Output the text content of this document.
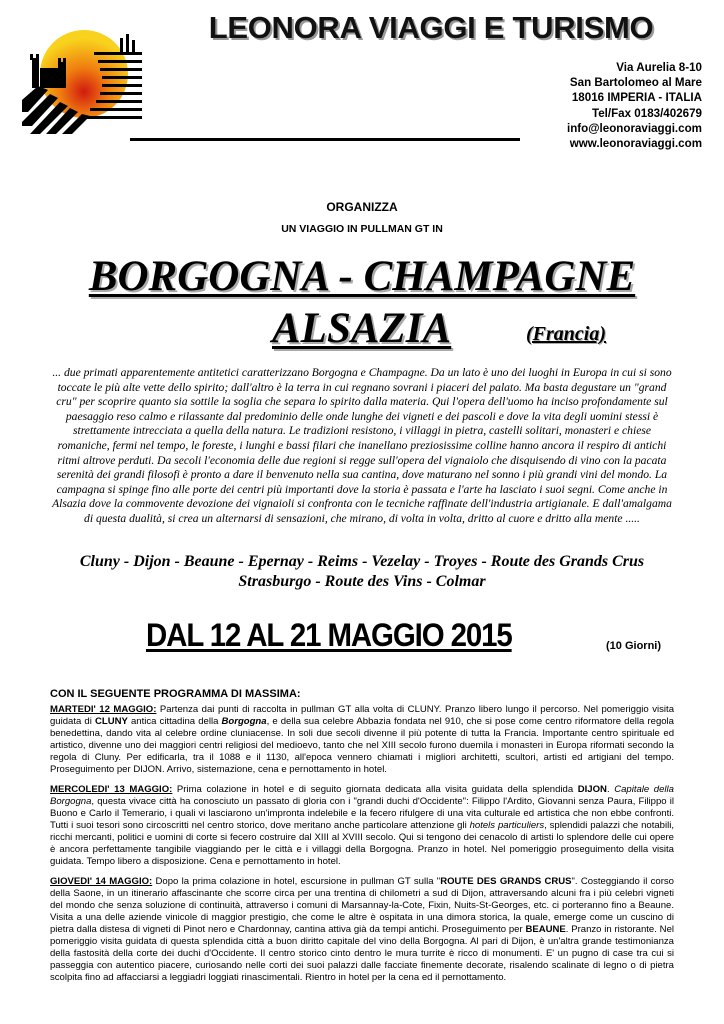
LEONORA VIAGGI E TURISMO
Via Aurelia 8-10
San Bartolomeo al Mare
18016 IMPERIA - ITALIA
Tel/Fax 0183/402679
info@leonoraviaggi.com
www.leonoraviaggi.com
ORGANIZZA
UN VIAGGIO IN PULLMAN GT IN
BORGOGNA - CHAMPAGNE
ALSAZIA	(Francia)
... due primati apparentemente antitetici caratterizzano Borgogna e Champagne. Da un lato è uno dei luoghi in Europa in cui si sono toccate le più alte vette dello spirito; dall'altro è la terra in cui regnano sovrani i piaceri del palato. Ma basta degustare un "grand cru" per scoprire quanto sia sottile la soglia che separa lo spirito dalla materia. Qui l'opera dell'uomo ha inciso profondamente sul paesaggio reso calmo e rilassante dal predominio delle onde lunghe dei vigneti e dei pascoli e dove la vita degli uomini stessi è strettamente intrecciata a quella della natura. Le tradizioni resistono, i villaggi in pietra, castelli solitari, monasteri e chiese romaniche, fermi nel tempo, le foreste, i lunghi e bassi filari che inanellano preziosissime colline hanno ancora il respiro di antichi ritmi altrove perduti. Da secoli l'economia delle due regioni si regge sull'opera del vignaiolo che disquisendo di vino con la pacata serenità dei grandi filosofi è pronto a dare il benvenuto nella sua cantina, dove maturano nel sonno i più grandi vini del mondo. La campagna si spinge fino alle porte dei centri più importanti dove la storia è passata e l'arte ha lasciato i suoi segni. Come anche in Alsazia dove la commovente devozione dei vignaioli si confronta con le tecniche raffinate dell'industria artigianale. E dall'amalgama di questa dualità, si crea un alternarsi di sensazioni, che mirano, di volta in volta, dritto al cuore e dritto alla mente .....
Cluny - Dijon - Beaune - Epernay - Reims - Vezelay - Troyes - Route des Grands Crus
Strasburgo - Route des Vins - Colmar
DAL 12 AL 21 MAGGIO 2015	(10 Giorni)
CON IL SEGUENTE PROGRAMMA DI MASSIMA:
MARTEDI' 12 MAGGIO: Partenza dai punti di raccolta in pullman GT alla volta di CLUNY. Pranzo libero lungo il percorso. Nel pomeriggio visita guidata di CLUNY antica cittadina della Borgogna, e della sua celebre Abbazia fondata nel 910, che si pose come centro riformatore della regola benedettina, dando vita al celebre ordine cluniacense. In soli due secoli divenne il più potente di tutta la Francia. Importante centro spirituale ed artistico, divenne uno dei maggiori centri religiosi del medioevo, tanto che nel XIII secolo furono duemila i monasteri in Europa riformati secondo la regola di Cluny. Per edificarla, tra il 1088 e il 1130, all'epoca vennero chiamati i migliori architetti, scultori, artisti ed artigiani del tempo. Proseguimento per DIJON. Arrivo, sistemazione, cena e pernottamento in hotel.
MERCOLEDI' 13 MAGGIO: Prima colazione in hotel e di seguito giornata dedicata alla visita guidata della splendida DIJON. Capitale della Borgogna, questa vivace città ha conosciuto un passato di gloria con i "grandi duchi d'Occidente": Filippo l'Ardito, Giovanni senza Paura, Filippo il Buono e Carlo il Temerario, i quali vi lasciarono un'impronta indelebile e la fecero rifulgere di una vita culturale ed artistica che non ebbe confronti. Tutti i suoi tesori sono circoscritti nel centro storico, dove meritano anche particolare attenzione gli hotels particuliers, splendidi palazzi che notabili, ricchi mercanti, politici e uomini di corte si fecero costruire dal XIII al XVIII secolo. Qui si tengono dei cenacolo di artisti lo splendore delle cui opere è ancora perfettamente tangibile viaggiando per le città e i villaggi della Borgogna. Pranzo in hotel. Nel pomeriggio proseguimento della visita guidata. Tempo libero a disposizione. Cena e pernottamento in hotel.
GIOVEDI' 14 MAGGIO: Dopo la prima colazione in hotel, escursione in pullman GT sulla "ROUTE DES GRANDS CRUS". Costeggiando il corso della Saone, in un itinerario affascinante che scorre circa per una trentina di chilometri a sud di Dijon, attraversando alcuni fra i più celebri vigneti del mondo che senza soluzione di continuità, attraverso i comuni di Marsannay-la-Cote, Fixin, Nuits-St-Georges, etc. ci porteranno fino a Beaune. Visita a una delle aziende vinicole di maggior prestigio, che come le altre è ospitata in una dimora storica, la quale, emerge come un cuscino di pietra dalla distesa di vigneti di Pinot nero e Chardonnay, cantina attiva già da tempi antichi. Proseguimento per BEAUNE. Pranzo in ristorante. Nel pomeriggio visita guidata di questa splendida città a buon diritto capitale del vino della Borgogna. Al pari di Dijon, è un'altra grande testimonianza della fastosità della corte dei duchi d'Occidente. Il centro storico cinto dentro le mura turrite è ricco di monumenti. E' un pugno di case tra cui si passeggia con autentico piacere, curiosando nelle corti dei suoi palazzi dalle facciate finemente decorate, risalendo scalinate di legno o di pietra scolpita fino ad affacciarsi a leggiadri loggiati rinascimentali. Rientro in hotel per la cena ed il pernottamento.
